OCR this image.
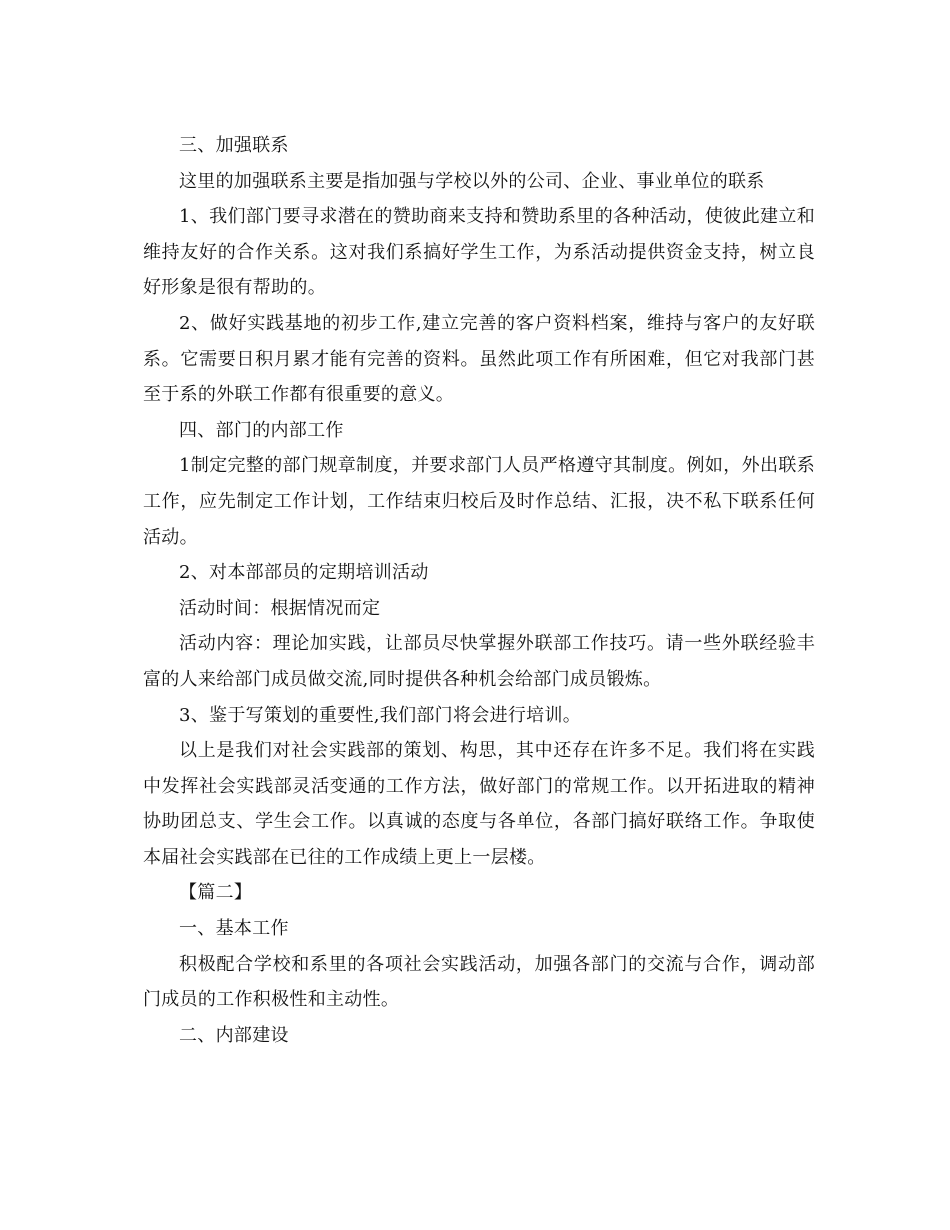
三、加强联系

这里的加强联系主要是指加强与学校以外的公司、企业、事业单位的联系

1、我们部门要寻求潜在的赞助商来支持和赞助系里的各种活动，使彼此建立和维持友好的合作关系。这对我们系搞好学生工作，为系活动提供资金支持，树立良好形象是很有帮助的。

2、做好实践基地的初步工作,建立完善的客户资料档案，维持与客户的友好联系。它需要日积月累才能有完善的资料。虽然此项工作有所困难，但它对我部门甚至于系的外联工作都有很重要的意义。

四、部门的内部工作

1制定完整的部门规章制度，并要求部门人员严格遵守其制度。例如，外出联系工作，应先制定工作计划，工作结束归校后及时作总结、汇报，决不私下联系任何活动。

2、对本部部员的定期培训活动

活动时间：根据情况而定

活动内容：理论加实践，让部员尽快掌握外联部工作技巧。请一些外联经验丰富的人来给部门成员做交流,同时提供各种机会给部门成员锻炼。

3、鉴于写策划的重要性,我们部门将会进行培训。

以上是我们对社会实践部的策划、构思，其中还存在许多不足。我们将在实践中发挥社会实践部灵活变通的工作方法，做好部门的常规工作。以开拓进取的精神协助团总支、学生会工作。以真诚的态度与各单位，各部门搞好联络工作。争取使本届社会实践部在已往的工作成绩上更上一层楼。

【篇二】

一、基本工作

积极配合学校和系里的各项社会实践活动，加强各部门的交流与合作，调动部门成员的工作积极性和主动性。

二、内部建设
